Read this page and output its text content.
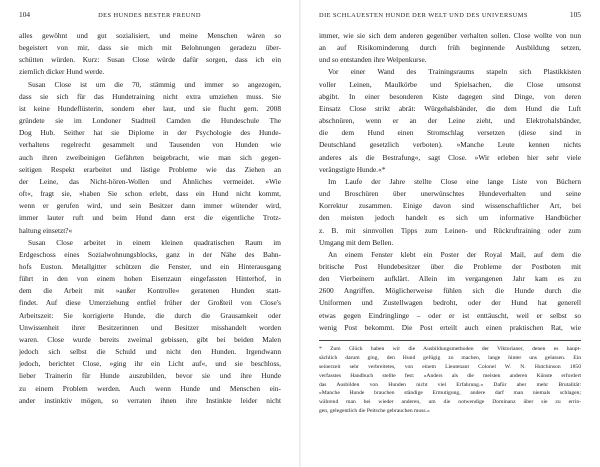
104	DES HUNDES BESTER FREUND
alles gewöhnt und gut sozialisiert, und meine Menschen wären so
begeistert von mir, dass sie mich mit Belohnungen geradezu über-
schütten würden. Kurz: Susan Close würde dafür sorgen, dass ich ein
ziemlich dicker Hund werde.
Susan Close ist um die 70, stämmig und immer so angezogen,
dass sie sich für das Hundetraining nicht extra umziehen muss. Sie
ist keine Hundeflüsterin, sondern eher laut, und sie flucht gern. 2008
gründete sie im Londoner Stadtteil Camden die Hundeschule The
Dog Hub. Seither hat sie Diplome in der Psychologie des Hunde-
verhaltens regelrecht gesammelt und Tausenden von Hunden wie
auch ihren zweibeinigen Gefährten beigebracht, wie man sich gegen-
seitigen Respekt erarbeitet und lästige Probleme wie das Ziehen an
der Leine, das Nicht-hören-Wollen und Ähnliches vermeidet. »Wie
oft«, fragt sie, »haben Sie schon erlebt, dass ein Hund nicht kommt,
wenn er gerufen wird, und sein Besitzer dann immer wütender wird,
immer lauter ruft und beim Hund dann erst die eigentliche Trotz-
haltung einsetzt?«
Susan Close arbeitet in einem kleinen quadratischen Raum im
Erdgeschoss eines Sozialwohnungsblocks, ganz in der Nähe des Bahn-
hofs Euston. Metallgitter schützen die Fenster, und ein Hinterausgang
führt in den von einem hohen Eisenzaun eingefassten Hinterhof, in
dem die Arbeit mit »außer Kontrolle« geratenen Hunden statt-
findet. Auf diese Umerziehung entfiel früher der Großteil von Close's
Arbeitszeit: Sie korrigierte Hunde, die durch die Grausamkeit oder
Unwissenheit ihrer Besitzerinnen und Besitzer misshandelt worden
waren. Close wurde bereits zweimal gebissen, gibt bei beiden Malen
jedoch sich selbst die Schuld und nicht den Hunden. Irgendwann
jedoch, berichtet Close, »ging ihr ein Licht auf«, und sie beschloss,
lieber Trainerin für Hunde auszubilden, bevor sie und ihre Hunde
zu einem Problem werden. Auch wenn Hunde und Menschen ein-
ander instinktiv mögen, so verraten ihnen ihre Instinkte leider nicht
DIE SCHLAUESTEN HUNDE DER WELT UND DES UNIVERSUMS	105
immer, wie sie sich dem anderen gegenüber verhalten sollen. Close wollte von nun
an auf Risikominderung durch früh beginnende Ausbildung setzen,
und so entstanden ihre Welpenkurse.
Vor einer Wand des Trainingsraums stapeln sich Plastikkisten
voller Leinen, Maulkörbe und Spielsachen, die Close umsonst
abgibt. In einer besonderen Kiste dagegen sind Dinge, von deren
Einsatz Close strikt abrät: Würgehalsbänder, die dem Hund die Luft
abschnüren, wenn er an der Leine zieht, und Elektrohalsbänder,
die dem Hund einen Stromschlag versetzen (diese sind in
Deutschland gesetzlich verboten). »Manche Leute kennen nichts
anderes als die Bestrafung«, sagt Close. »Wir erleben hier sehr viele
verängstigte Hunde.«*
Im Laufe der Jahre stellte Close eine lange Liste von Büchern
und Broschüren über unerwünschtes Hundeverhalten und seine
Korrektur zusammen. Einige davon sind wissenschaftlicher Art, bei
den meisten jedoch handelt es sich um informative Handbücher
z. B. mit sinnvollen Tipps zum Leinen- und Rückruftraining oder zum
Umgang mit dem Bellen.
An einem Fenster klebt ein Poster der Royal Mail, auf dem die
britische Post Hundebesitzer über die Probleme der Postboten mit
den Vierbeinern aufklärt. Allein im vergangenen Jahr kam es zu
2600 Angriffen. Möglicherweise fühlen sich die Hunde durch die
Uniformen und Zustellwagen bedroht, oder der Hund hat generell
etwas gegen Eindringlinge – oder er ist enttäuscht, weil er selbst so
wenig Post bekommt. Die Post erteilt auch einen praktischen Rat, wie
* Zum Glück haben wir die Ausbildungsmethoden der Viktorianer, denen es haupt-
sächlich darum ging, den Hund gefügig zu machen, lange hinter uns gelassen. Ein
seinerzeit sehr verbreitetes, von einem Lieutenant Colonel W. N. Hutchinson 1850
verfasstes Handbuch stellte fest: »Anders als die meisten anderen Künste erfordert
das Ausbilden von Hunden nicht viel Erfahrung.« Dafür aber mehr Brutalität:
»Manche Hunde brauchen ständige Ermutigung, andere darf man niemals schlagen;
während man bei wieder anderen, um die notwendige Dominanz über sie zu errin-
gen, gelegentlich die Peitsche gebrauchen muss.«
